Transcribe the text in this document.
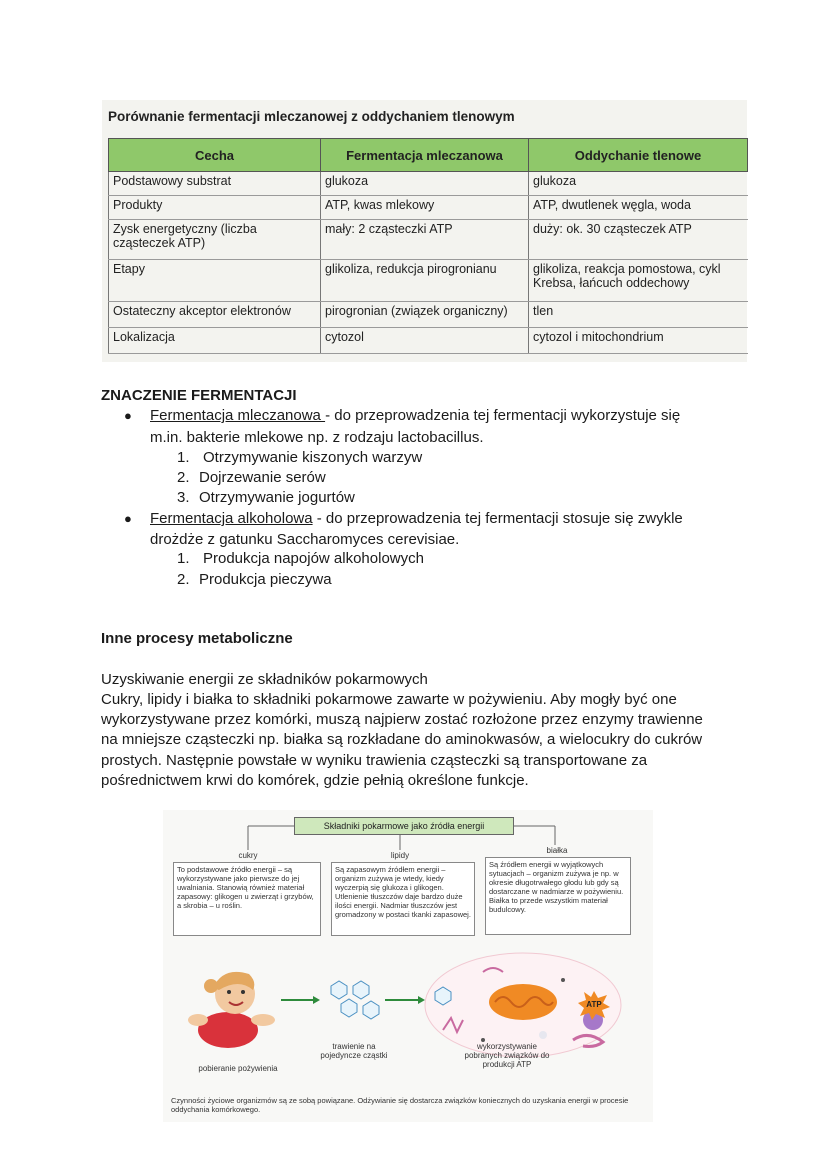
Porównanie fermentacji mleczanowej z oddychaniem tlenowym
Cecha	Fermentacja mleczanowa	Oddychanie tlenowe
Podstawowy substrat	glukoza	glukoza
Produkty	ATP, kwas mlekowy	ATP, dwutlenek węgla, woda
Zysk energetyczny (liczba cząsteczek ATP)	mały: 2 cząsteczki ATP	duży: ok. 30 cząsteczek ATP
Etapy	glikoliza, redukcja pirogronianu	glikoliza, reakcja pomostowa, cykl Krebsa, łańcuch oddechowy
Ostateczny akceptor elektronów	pirogronian (związek organiczny)	tlen
Lokalizacja	cytozol	cytozol i mitochondrium
ZNACZENIE FERMENTACJI
● Fermentacja mleczanowa - do przeprowadzenia tej fermentacji wykorzystuje się
m.in. bakterie mlekowe np. z rodzaju lactobacillus.
1. Otrzymywanie kiszonych warzyw
2. Dojrzewanie serów
3. Otrzymywanie jogurtów
● Fermentacja alkoholowa - do przeprowadzenia tej fermentacji stosuje się zwykle
drożdże z gatunku Saccharomyces cerevisiae.
1. Produkcja napojów alkoholowych
2. Produkcja pieczywa
Inne procesy metaboliczne
Uzyskiwanie energii ze składników pokarmowych
Cukry, lipidy i białka to składniki pokarmowe zawarte w pożywieniu. Aby mogły być one
wykorzystywane przez komórki, muszą najpierw zostać rozłożone przez enzymy trawienne
na mniejsze cząsteczki np. białka są rozkładane do aminokwasów, a wielocukry do cukrów
prostych. Następnie powstałe w wyniku trawienia cząsteczki są transportowane za
pośrednictwem krwi do komórek, gdzie pełnią określone funkcje.
Składniki pokarmowe jako źródła energii
cukry
To podstawowe źródło energii – są wykorzystywane jako pierwsze do jej uwalniania. Stanowią również materiał zapasowy: glikogen u zwierząt i grzybów, a skrobia – u roślin.
lipidy
Są zapasowym źródłem energii – organizm zużywa je wtedy, kiedy wyczerpią się glukoza i glikogen. Utlenienie tłuszczów daje bardzo duże ilości energii. Nadmiar tłuszczów jest gromadzony w postaci tkanki zapasowej.
białka
Są źródłem energii w wyjątkowych sytuacjach – organizm zużywa je np. w okresie długotrwałego głodu lub gdy są dostarczane w nadmiarze w pożywieniu. Białka to przede wszystkim materiał budulcowy.
ATP
pobieranie pożywienia
trawienie na pojedyncze cząstki
wykorzystywanie pobranych związków do produkcji ATP
Czynności życiowe organizmów są ze sobą powiązane. Odżywianie się dostarcza związków koniecznych do uzyskania energii w procesie oddychania komórkowego.
